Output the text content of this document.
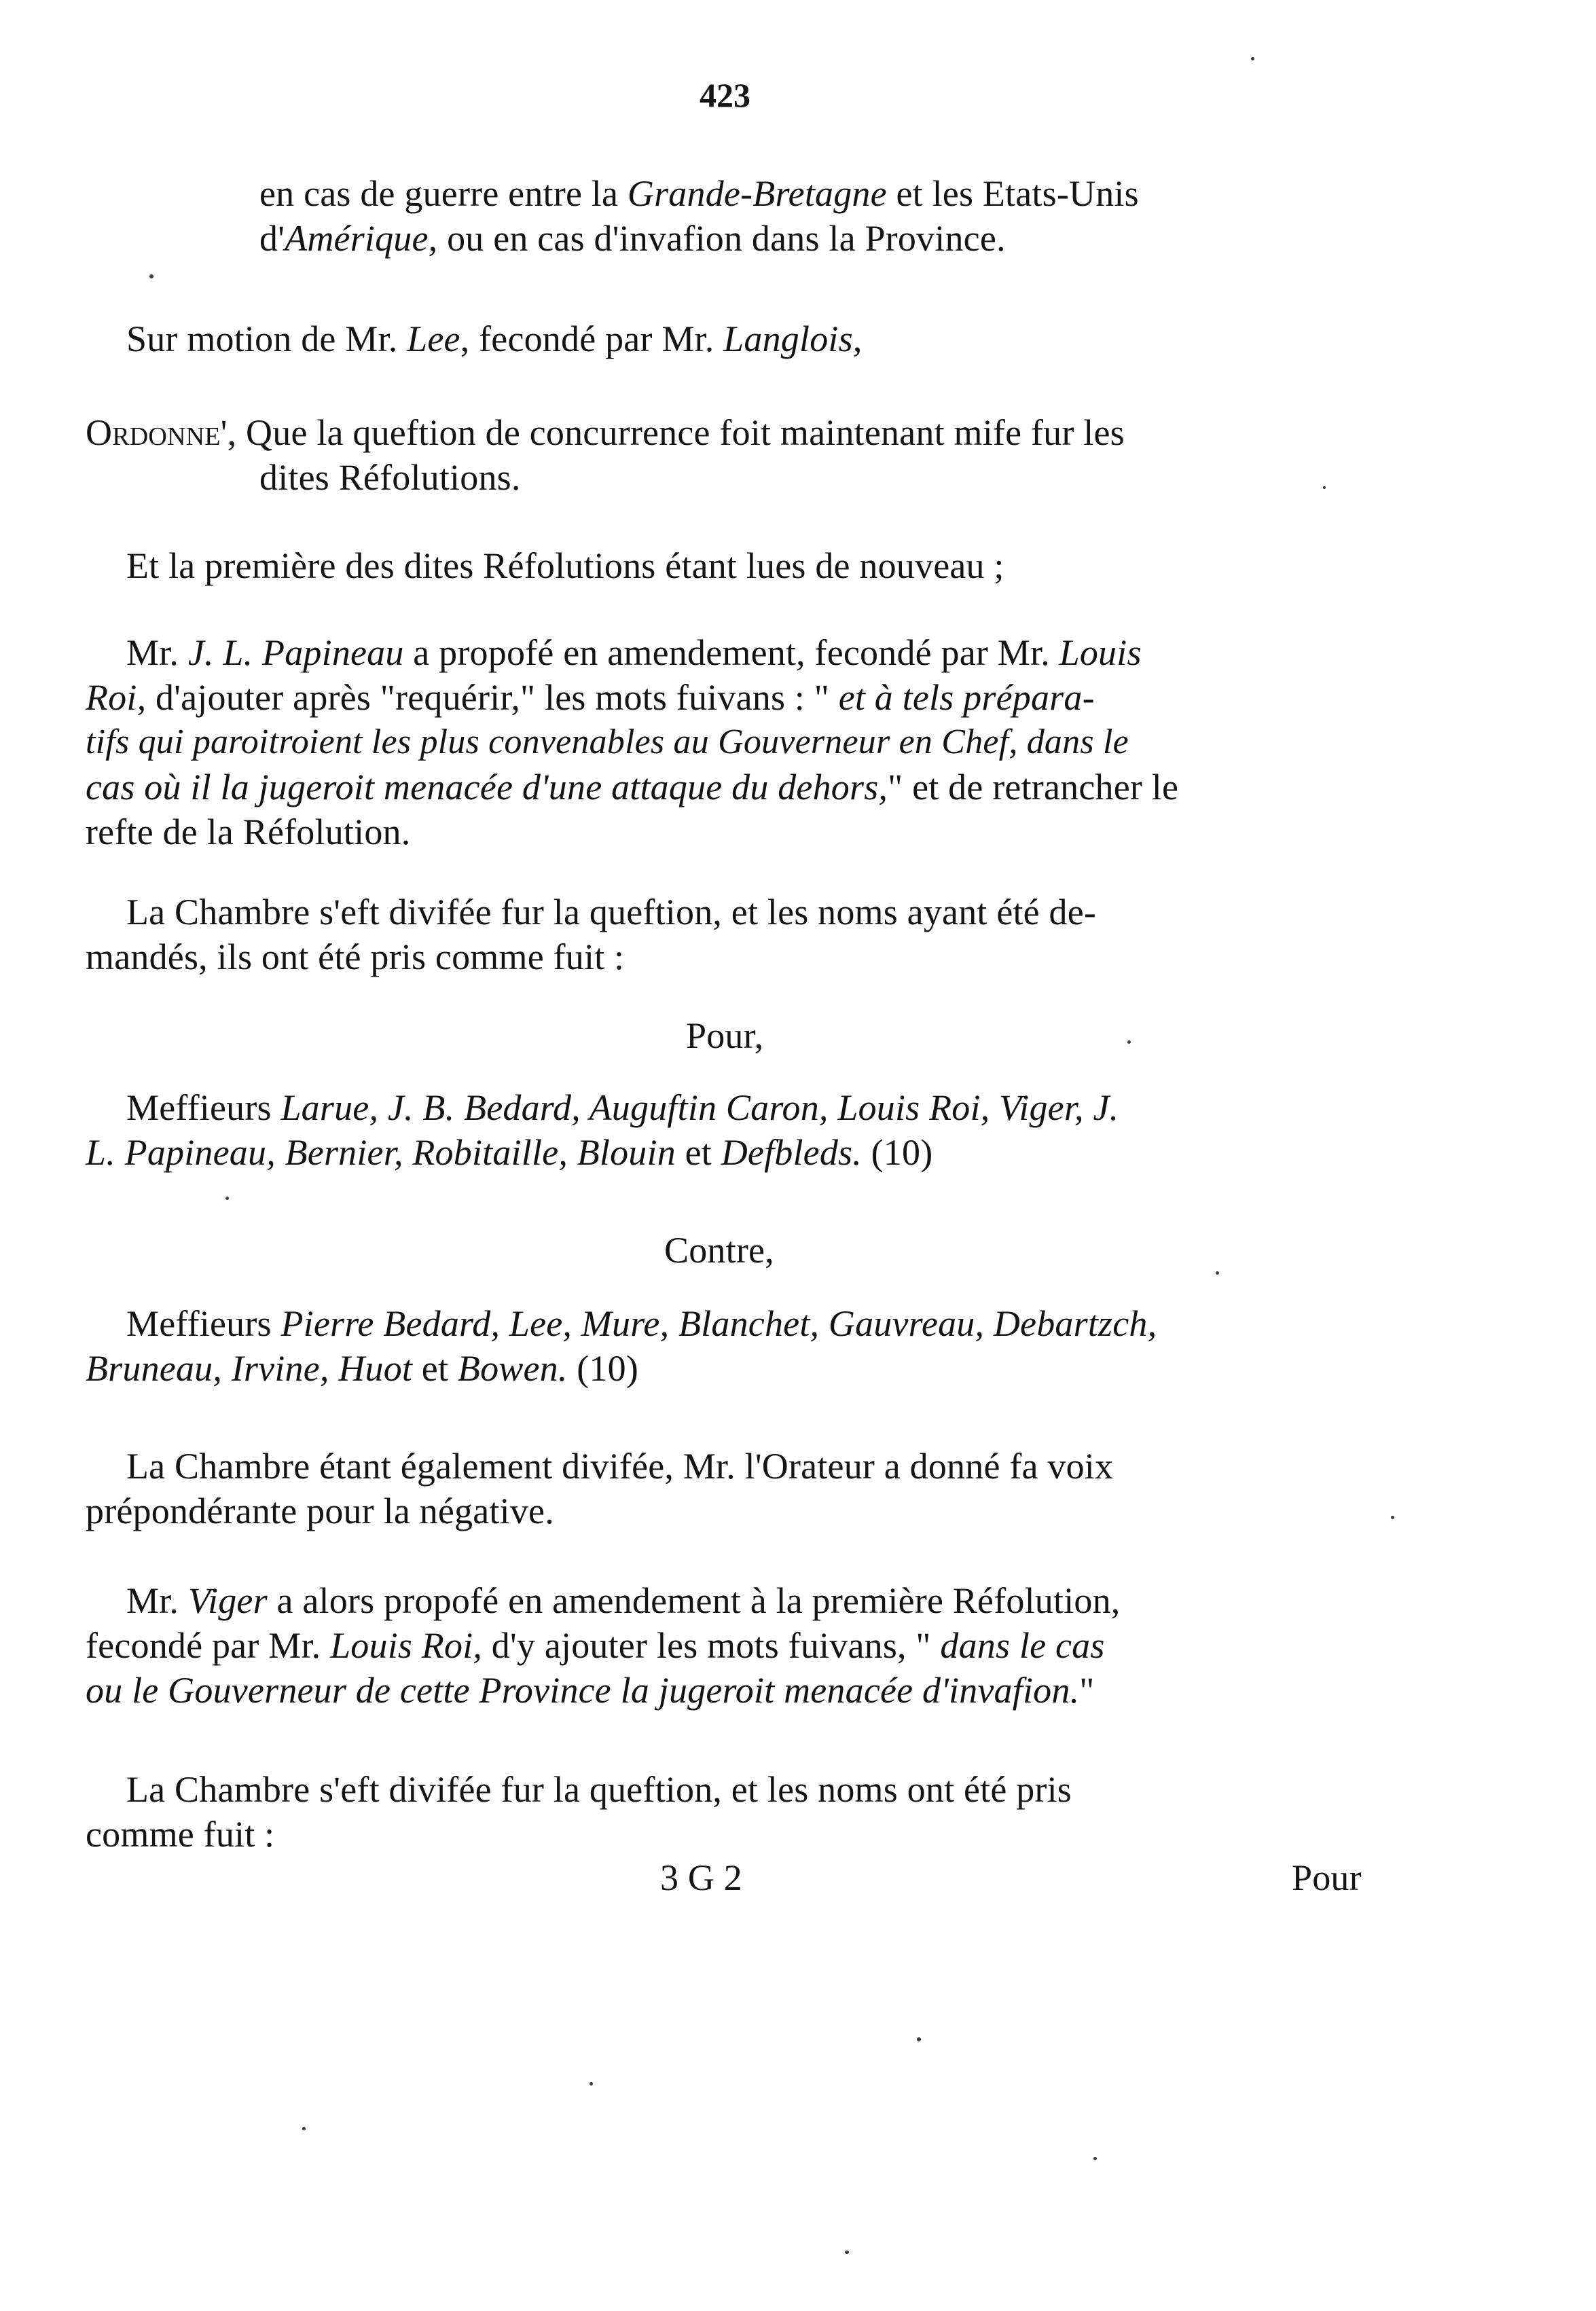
423
en cas de guerre entre la Grande-Bretagne et les Etats-Unis
d'Amérique, ou en cas d'invafion dans la Province.
Sur motion de Mr. Lee, fecondé par Mr. Langlois,
Ordonne', Que la queftion de concurrence foit maintenant mife fur les
dites Réfolutions.
Et la première des dites Réfolutions étant lues de nouveau ;
Mr. J. L. Papineau a propofé en amendement, fecondé par Mr. Louis
Roi, d'ajouter après "requérir," les mots fuivans : " et à tels prépara-
tifs qui paroitroient les plus convenables au Gouverneur en Chef, dans le
cas où il la jugeroit menacée d'une attaque du dehors," et de retrancher le
refte de la Réfolution.
La Chambre s'eft divifée fur la queftion, et les noms ayant été de-
mandés, ils ont été pris comme fuit :
Pour,
Meffieurs Larue, J. B. Bedard, Auguftin Caron, Louis Roi, Viger, J.
L. Papineau, Bernier, Robitaille, Blouin et Defbleds. (10)
Contre,
Meffieurs Pierre Bedard, Lee, Mure, Blanchet, Gauvreau, Debartzch,
Bruneau, Irvine, Huot et Bowen. (10)
La Chambre étant également divifée, Mr. l'Orateur a donné fa voix
prépondérante pour la négative.
Mr. Viger a alors propofé en amendement à la première Réfolution,
fecondé par Mr. Louis Roi, d'y ajouter les mots fuivans, " dans le cas
ou le Gouverneur de cette Province la jugeroit menacée d'invafion."
La Chambre s'eft divifée fur la queftion, et les noms ont été pris
comme fuit :
3 G 2	Pour
